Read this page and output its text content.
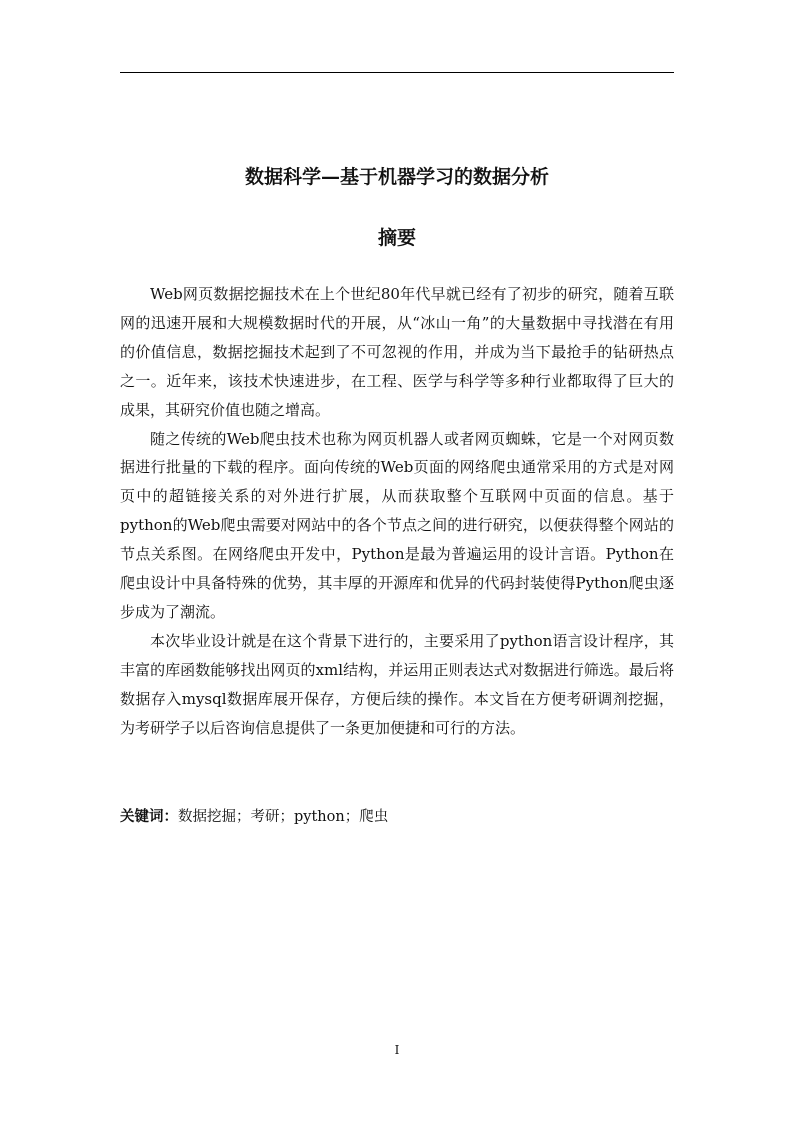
数据科学—基于机器学习的数据分析
摘要

Web网页数据挖掘技术在上个世纪80年代早就已经有了初步的研究，随着互联网的迅速开展和大规模数据时代的开展，从“冰山一角”的大量数据中寻找潜在有用的价值信息，数据挖掘技术起到了不可忽视的作用，并成为当下最抢手的钻研热点之一。近年来，该技术快速进步，在工程、医学与科学等多种行业都取得了巨大的成果，其研究价值也随之增高。

随之传统的Web爬虫技术也称为网页机器人或者网页蜘蛛，它是一个对网页数据进行批量的下载的程序。面向传统的Web页面的网络爬虫通常采用的方式是对网页中的超链接关系的对外进行扩展，从而获取整个互联网中页面的信息。基于python的Web爬虫需要对网站中的各个节点之间的进行研究，以便获得整个网站的节点关系图。在网络爬虫开发中，Python是最为普遍运用的设计言语。Python在爬虫设计中具备特殊的优势，其丰厚的开源库和优异的代码封装使得Python爬虫逐步成为了潮流。

本次毕业设计就是在这个背景下进行的，主要采用了python语言设计程序，其丰富的库函数能够找出网页的xml结构，并运用正则表达式对数据进行筛选。最后将数据存入mysql数据库展开保存，方便后续的操作。本文旨在方便考研调剂挖掘，为考研学子以后咨询信息提供了一条更加便捷和可行的方法。

关键词：数据挖掘；考研；python；爬虫

I
